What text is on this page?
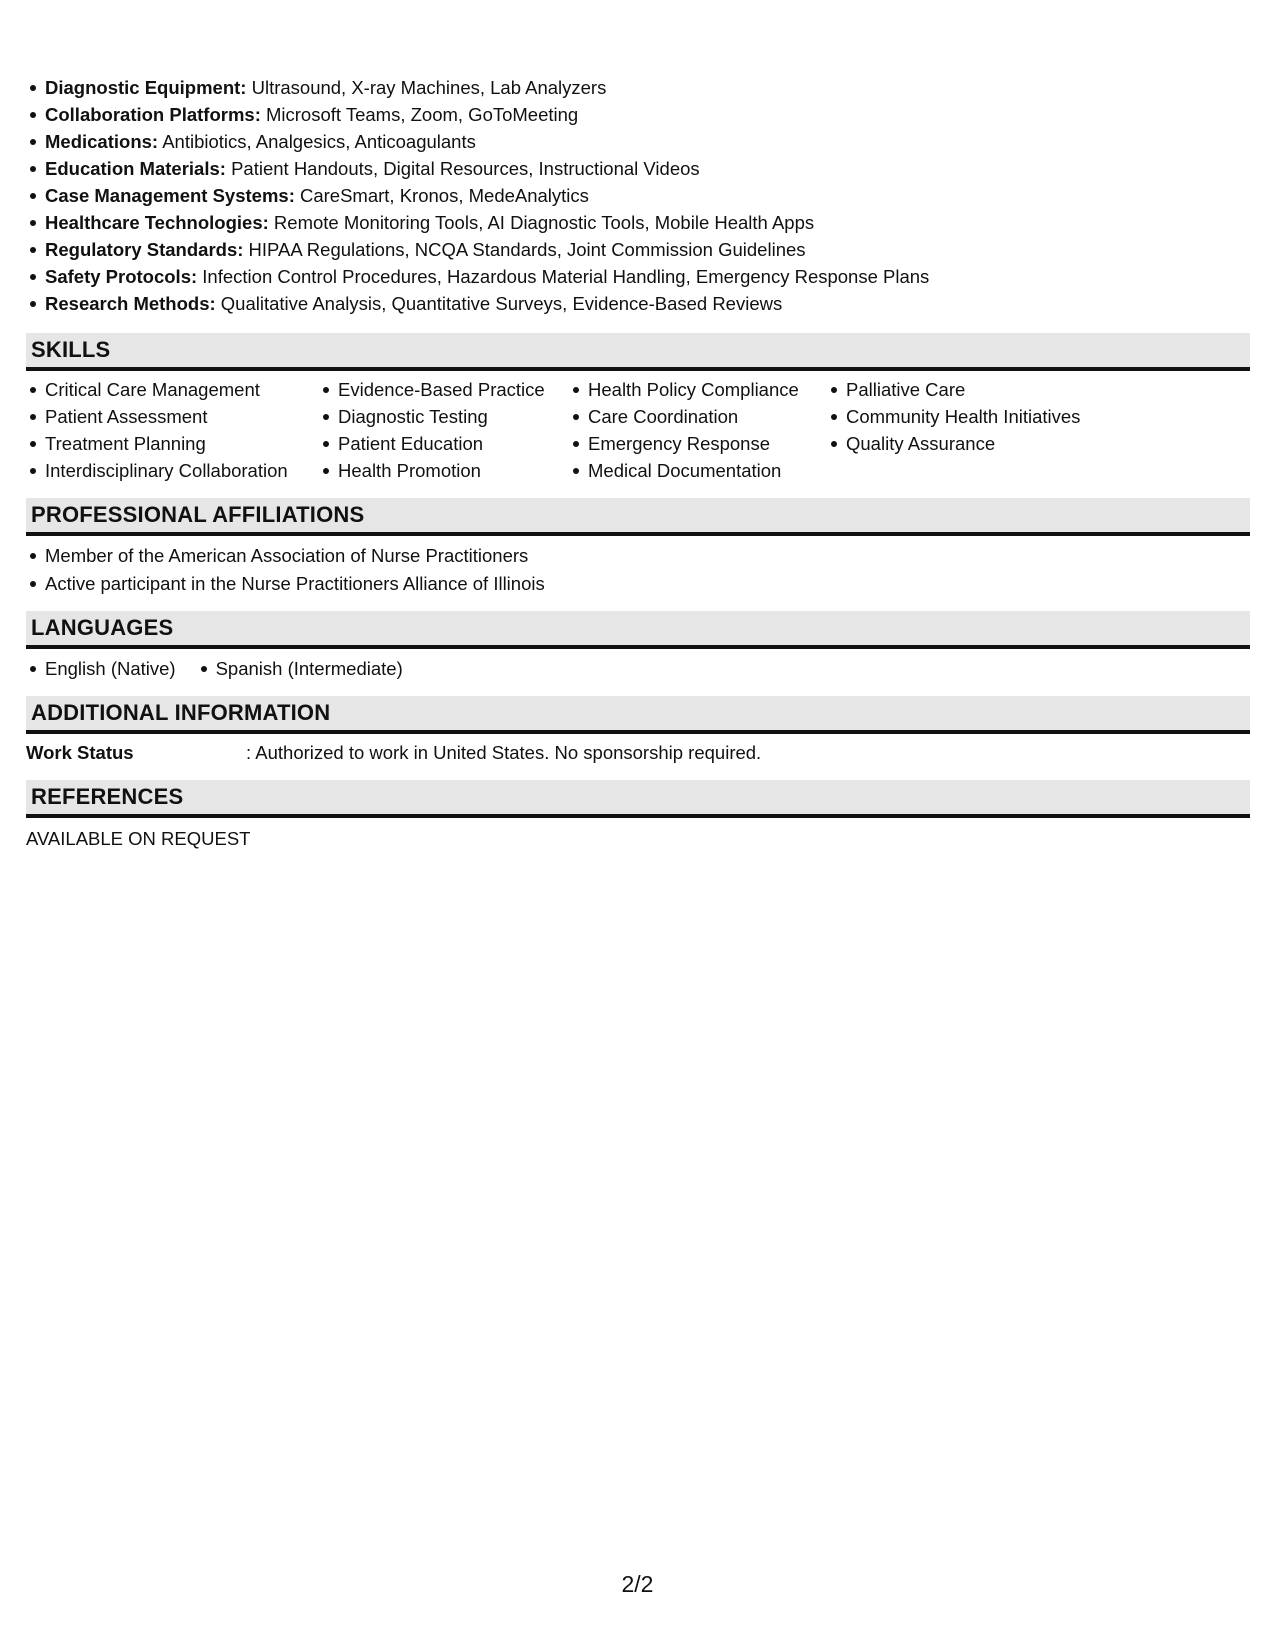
Diagnostic Equipment: Ultrasound, X-ray Machines, Lab Analyzers
Collaboration Platforms: Microsoft Teams, Zoom, GoToMeeting
Medications: Antibiotics, Analgesics, Anticoagulants
Education Materials: Patient Handouts, Digital Resources, Instructional Videos
Case Management Systems: CareSmart, Kronos, MedeAnalytics
Healthcare Technologies: Remote Monitoring Tools, AI Diagnostic Tools, Mobile Health Apps
Regulatory Standards: HIPAA Regulations, NCQA Standards, Joint Commission Guidelines
Safety Protocols: Infection Control Procedures, Hazardous Material Handling, Emergency Response Plans
Research Methods: Qualitative Analysis, Quantitative Surveys, Evidence-Based Reviews
SKILLS
Critical Care Management
Patient Assessment
Treatment Planning
Interdisciplinary Collaboration
Evidence-Based Practice
Diagnostic Testing
Patient Education
Health Promotion
Health Policy Compliance
Care Coordination
Emergency Response
Medical Documentation
Palliative Care
Community Health Initiatives
Quality Assurance
PROFESSIONAL AFFILIATIONS
Member of the American Association of Nurse Practitioners
Active participant in the Nurse Practitioners Alliance of Illinois
LANGUAGES
English (Native)	Spanish (Intermediate)
ADDITIONAL INFORMATION
Work Status	: Authorized to work in United States. No sponsorship required.
REFERENCES
AVAILABLE ON REQUEST
2/2
